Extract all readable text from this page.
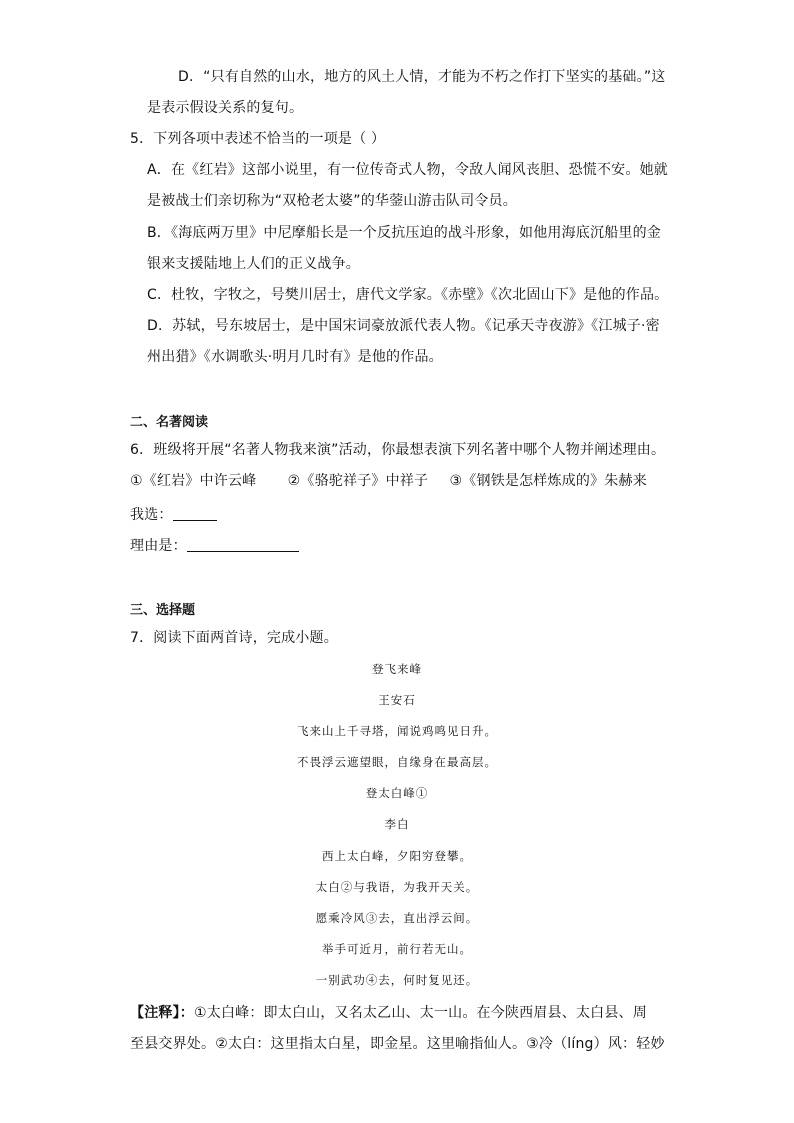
D．“只有自然的山水，地方的风土人情，才能为不朽之作打下坚实的基础。”这
是表示假设关系的复句。
5．下列各项中表述不恰当的一项是（ ）
A．在《红岩》这部小说里，有一位传奇式人物，令敌人闻风丧胆、恐慌不安。她就
是被战士们亲切称为“双枪老太婆”的华蓥山游击队司令员。
B．《海底两万里》中尼摩船长是一个反抗压迫的战斗形象，如他用海底沉船里的金
银来支援陆地上人们的正义战争。
C．杜牧，字牧之，号樊川居士，唐代文学家。《赤壁》《次北固山下》是他的作品。
D．苏轼，号东坡居士，是中国宋词豪放派代表人物。《记承天寺夜游》《江城子·密
州出猎》《水调歌头·明月几时有》是他的作品。
二、名著阅读
6．班级将开展“名著人物我来演”活动，你最想表演下列名著中哪个人物并阐述理由。
①《红岩》中许云峰 ②《骆驼祥子》中祥子 ③《钢铁是怎样炼成的》朱赫来
我选：
理由是：
三、选择题
7．阅读下面两首诗，完成小题。
登飞来峰
王安石
飞来山上千寻塔，闻说鸡鸣见日升。
不畏浮云遮望眼，自缘身在最高层。
登太白峰①
李白
西上太白峰，夕阳穷登攀。
太白②与我语，为我开天关。
愿乘冷风③去，直出浮云间。
举手可近月，前行若无山。
一别武功④去，何时复见还。
【注释】：①太白峰：即太白山，又名太乙山、太一山。在今陕西眉县、太白县、周
至县交界处。②太白：这里指太白星，即金星。这里喻指仙人。③冷（líng）风：轻妙
